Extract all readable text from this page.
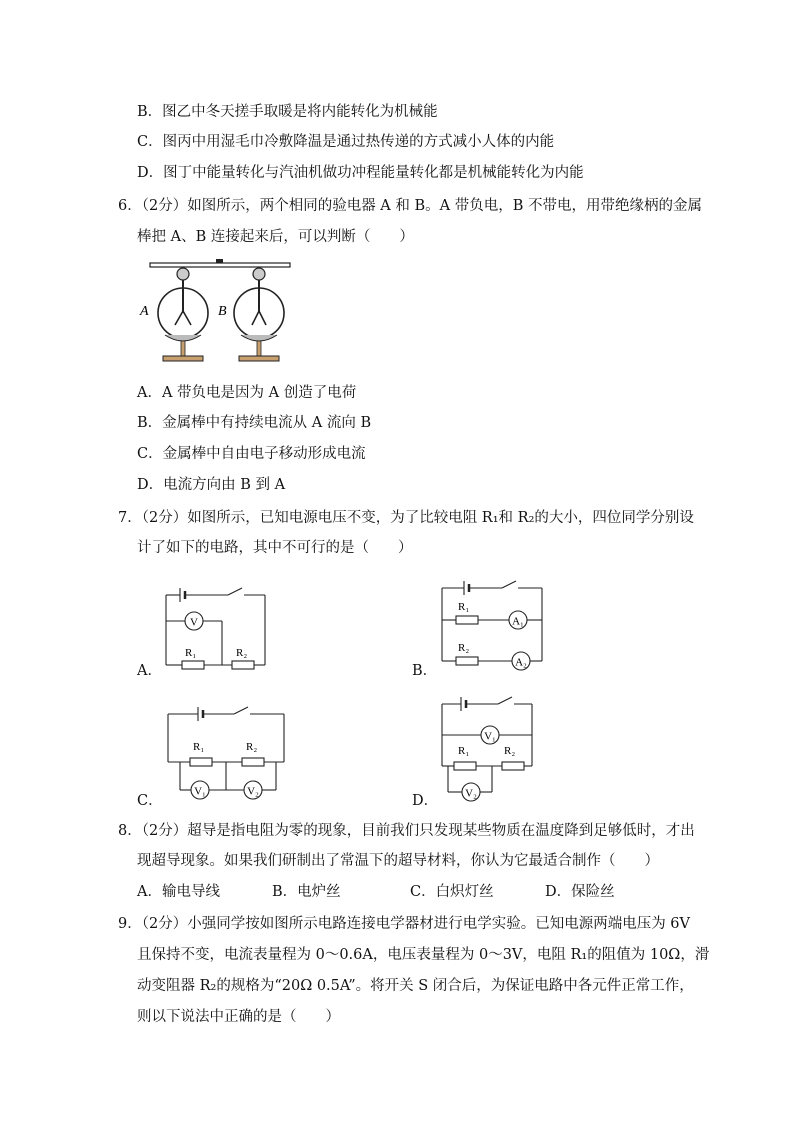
B．图乙中冬天搓手取暖是将内能转化为机械能
C．图丙中用湿毛巾冷敷降温是通过热传递的方式减小人体的内能
D．图丁中能量转化与汽油机做功冲程能量转化都是机械能转化为内能
6．（2分）如图所示，两个相同的验电器 A 和 B。A 带负电，B 不带电，用带绝缘柄的金属
棒把 A、B 连接起来后，可以判断（　　）
A	B
A．A 带负电是因为 A 创造了电荷
B．金属棒中有持续电流从 A 流向 B
C．金属棒中自由电子移动形成电流
D．电流方向由 B 到 A
7．（2分）如图所示，已知电源电压不变，为了比较电阻 R₁和 R₂的大小，四位同学分别设
计了如下的电路，其中不可行的是（　　）
A．
V
R₁	R₂
B．
A₁
A₂
R₁
R₂
C．
V₁	V₂
R₁	R₂
D．
V₁
V₂
R₁	R₂
8．（2分）超导是指电阻为零的现象，目前我们只发现某些物质在温度降到足够低时，才出
现超导现象。如果我们研制出了常温下的超导材料，你认为它最适合制作（　　）
A．输电导线	B．电炉丝	C．白炽灯丝	D．保险丝
9．（2分）小强同学按如图所示电路连接电学器材进行电学实验。已知电源两端电压为 6V
且保持不变，电流表量程为 0～0.6A，电压表量程为 0～3V，电阻 R₁的阻值为 10Ω，滑
动变阻器 R₂的规格为“20Ω 0.5A”。将开关 S 闭合后，为保证电路中各元件正常工作，
则以下说法中正确的是（　　）
